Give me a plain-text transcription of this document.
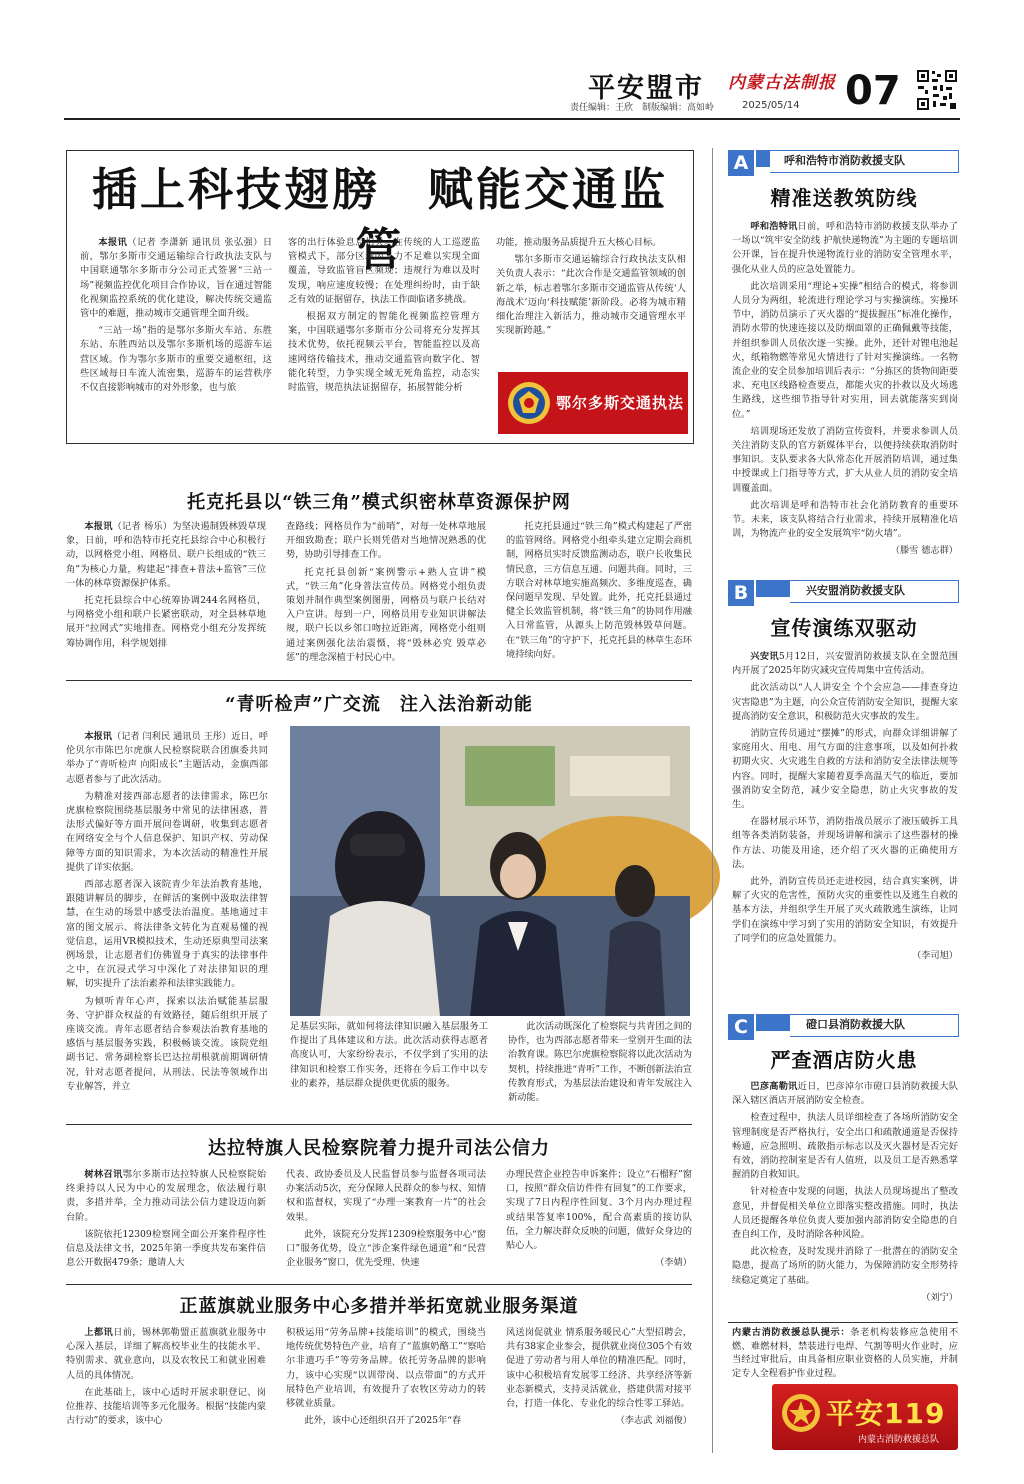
平安盟市 内蒙古法制报
责任编辑：王欣　制版编辑：高如岭	2025/05/14 07
插上科技翅膀　赋能交通监管

本报讯（记者 李潇新 通讯员 张弘强）日前，鄂尔多斯市交通运输综合行政执法支队与中国联通鄂尔多斯市分公司正式签署“三站一场”视频监控优化项目合作协议，旨在通过智能化视频监控系统的优化建设，解决传统交通监管中的难题，推动城市交通管理全面升级。

“三站一场”指的是鄂尔多斯火车站、东胜东站、东胜西站以及鄂尔多斯机场的巡游车运营区域。作为鄂尔多斯市的重要交通枢纽，这些区域每日车流人流密集，巡游车的运营秩序不仅直接影响城市的对外形象，也与旅

客的出行体验息息相关。在传统的人工巡逻监管模式下，部分区域因人力不足难以实现全面覆盖，导致监管盲区频现；违规行为难以及时发现，响应速度较慢；在处理纠纷时，由于缺乏有效的证据留存，执法工作面临诸多挑战。

根据双方制定的智能化视频监控管理方案，中国联通鄂尔多斯市分公司将充分发挥其技术优势，依托视频云平台，智能监控以及高速网络传输技术，推动交通监管向数字化、智能化转型，力争实现全域无死角监控，动态实时监管，规范执法证据留存，拓展智能分析

功能，推动服务品质提升五大核心目标。

鄂尔多斯市交通运输综合行政执法支队相关负责人表示：“此次合作是交通监管领域的创新之举，标志着鄂尔多斯市交通监管从传统‘人海战术’迈向‘科技赋能’新阶段。必将为城市精细化治理注入新活力，推动城市交通管理水平实现新跨越。”

鄂尔多斯交通执法
托克托县以“铁三角”模式织密林草资源保护网

本报讯（记者 杨乐）为坚决遏制毁林毁草现象，日前，呼和浩特市托克托县综合中心积极行动，以网格党小组、网格员、联户长组成的“铁三角”为核心力量，构建起“排查+普法+监管”三位一体的林草资源保护体系。

托克托县综合中心统筹协调244名网格员，与网格党小组和联户长紧密联动，对全县林草地展开“拉网式”实地排查。网格党小组充分发挥统筹协调作用，科学规划排

查路线；网格员作为“前哨”，对每一处林草地展开细致勘查；联户长则凭借对当地情况熟悉的优势，协助引导排查工作。

托克托县创新“案例警示+熟人宣讲”模式，“铁三角”化身普法宣传员。网格党小组负责策划并制作典型案例图册，网格员与联户长结对入户宣讲。每到一户，网格员用专业知识讲解法规，联户长以乡邻口吻拉近距离，网格党小组则通过案例强化法治震慑，将“毁林必究 毁草必惩”的理念深植于村民心中。

托克托县通过“铁三角”模式构建起了严密的监管网络。网格党小组牵头建立定期会商机制，网格员实时反馈监测动态，联户长收集民情民意，三方信息互通、问题共商。同时，三方联合对林草地实施高频次、多维度巡查，确保问题早发现、早处置。此外，托克托县通过健全长效监管机制，将“铁三角”的协同作用融入日常监管，从源头上防范毁林毁草问题。在“铁三角”的守护下，托克托县的林草生态环境持续向好。

“青听检声”广交流　注入法治新动能

本报讯（记者 闫利民 通讯员 王彤）近日，呼伦贝尔市陈巴尔虎旗人民检察院联合团旗委共同举办了“青听检声 向阳成长”主题活动，金旗西部志愿者参与了此次活动。

为精准对接西部志愿者的法律需求，陈巴尔虎旗检察院围绕基层服务中常见的法律困惑，普法形式偏好等方面开展问卷调研，收集到志愿者在网络安全与个人信息保护、知识产权、劳动保障等方面的知识需求，为本次活动的精准性开展提供了详实依据。

西部志愿者深入该院青少年法治教育基地，跟随讲解员的脚步，在鲜活的案例中汲取法律智慧，在生动的场景中感受法治温度。基地通过丰富的图文展示、将法律条文转化为直观易懂的视觉信息，运用VR模拟技术，生动还原典型司法案例场景，让志愿者们仿佛置身于真实的法律事件之中，在沉浸式学习中深化了对法律知识的理解，切实提升了法治素养和法律实践能力。

为倾听青年心声，探索以法治赋能基层服务、守护群众权益的有效路径，随后组织开展了座谈交流。青年志愿者结合参观法治教育基地的感悟与基层服务实践，积极畅谈交流。该院党组副书记、常务副检察长巴达拉胡根就前期调研情况，针对志愿者提问，从刑法、民法等领域作出专业解答，并立

足基层实际，就如何将法律知识融入基层服务工作提出了具体建议和方法。此次活动获得志愿者高度认可，大家纷纷表示，不仅学到了实用的法律知识和检察工作实务，还将在今后工作中以专业的素养，基层群众提供更优质的服务。

此次活动既深化了检察院与共青团之间的协作，也为西部志愿者带来一堂别开生面的法治教育课。陈巴尔虎旗检察院将以此次活动为契机，持续推进“青听”工作，不断创新法治宣传教育形式，为基层法治建设和青年发展注入新动能。

达拉特旗人民检察院着力提升司法公信力

树林召讯鄂尔多斯市达拉特旗人民检察院始终秉持以人民为中心的发展理念，依法履行职责，多措并举，全力推动司法公信力建设迈向新台阶。

该院依托12309检察网全面公开案件程序性信息及法律文书，2025年第一季度共发布案件信息公开数据479条；邀请人大

代表、政协委员及人民监督员参与监督各项司法办案活动5次，充分保障人民群众的参与权、知情权和监督权，实现了“办理一案教育一片”的社会效果。

此外，该院充分发挥12309检察服务中心“窗口”服务优势，设立“涉企案件绿色通道”和“民营企业服务”窗口，优先受理、快速

办理民营企业控告申诉案件；设立“石榴籽”窗口，按照“群众信访件件有回复”的工作要求，实现了7日内程序性回复、3个月内办理过程或结果答复率100%，配合高素质的接访队伍，全力解决群众反映的问题，做好众身边的贴心人。

（李婧）
正蓝旗就业服务中心多措并举拓宽就业服务渠道

上都讯日前，锡林郭勒盟正蓝旗就业服务中心深入基层，详细了解高校毕业生的技能水平、特别需求、就业意向，以及农牧民工和就业困难人员的具体情况。

在此基础上，该中心适时开展求职登记、岗位推荐、技能培训等多元化服务。根据“技能内蒙古行动”的要求，该中心

积极运用“劳务品牌+技能培训”的模式，围绕当地传统优势特色产业，培育了“蓝旗奶酪工”“察哈尔非遗巧手”等劳务品牌。依托劳务品牌的影响力，该中心实现“以训带岗、以点带面”的方式开展特色产业培训，有效提升了农牧区劳动力的转移就业质量。

此外，该中心还组织召开了2025年“春

风送岗促就业 情系服务暖民心”大型招聘会，共有38家企业参会，提供就业岗位305个有效促进了劳动者与用人单位的精准匹配。同时，该中心积极培育发展零工经济、共享经济等新业态新模式，支持灵活就业，搭建供需对接平台，打造一体化、专业化的综合性零工驿站。

（李志武 刘福俊）
A	呼和浩特市消防救援支队
精准送教筑防线

呼和浩特讯日前，呼和浩特市消防救援支队举办了一场以“筑牢安全防线 护航快递物流”为主题的专题培训公开课，旨在提升快递物流行业的消防安全管理水平，强化从业人员的应急处置能力。

此次培训采用“理论+实操”相结合的模式，将参训人员分为两组，轮流进行理论学习与实操演练。实操环节中，消防员演示了灭火器的“提拔握压”标准化操作，消防水带的快速连接以及防烟面罩的正确佩戴等技能，并组织参训人员依次逐一实操。此外，还针对锂电池起火，纸箱物燃等常见火情进行了针对实操演练。一名物流企业的安全员参加培训后表示：“分拣区的货物间距要求、充电区线路检查要点，都能火灾的扑救以及火场逃生路线，这些细节指导针对实用，回去就能落实到岗位。”

培训现场还发放了消防宣传资料，并要求参训人员关注消防支队的官方新媒体平台，以便持续获取消防时事知识。支队要求各大队常态化开展消防培训，通过集中授课或上门指导等方式，扩大从业人员的消防安全培训覆盖面。

此次培训是呼和浩特市社会化消防教育的重要环节。未来，该支队将结合行业需求，持续开展精准化培训，为物流产业的安全发展筑牢“防火墙”。

（滕雪 德志群）
B	兴安盟消防救援支队
宣传演练双驱动

兴安讯5月12日，兴安盟消防救援支队在全盟范围内开展了2025年防灾减灾宣传周集中宣传活动。

此次活动以“人人讲安全 个个会应急——排查身边灾害隐患”为主题，向公众宣传消防安全知识，提醒大家提高消防安全意识，积极防范火灾事故的发生。

消防宣传员通过“摆摊”的形式，向群众详细讲解了家庭用火、用电、用气方面的注意事项，以及如何扑救初期火灾、火灾逃生自救的方法和消防安全法律法规等内容。同时，提醒大家随着夏季高温天气的临近，要加强消防安全防范，减少安全隐患，防止火灾事故的发生。

在器材展示环节，消防指战员展示了液压破拆工具组等各类消防装备，并现场讲解和演示了这些器材的操作方法、功能及用途，还介绍了灭火器的正确使用方法。

此外，消防宣传员还走进校园，结合真实案例，讲解了火灾的危害性，预防火灾的重要性以及逃生自救的基本方法，并组织学生开展了灭火疏散逃生演练，让同学们在演练中学习到了实用的消防安全知识，有效提升了同学们的应急处置能力。

（李司旭）
C	磴口县消防救援大队
严查酒店防火患

巴彦高勒讯近日，巴彦淖尔市磴口县消防救援大队深入辖区酒店开展消防安全检查。

检查过程中，执法人员详细检查了各场所消防安全管理制度是否严格执行，安全出口和疏散通道是否保持畅通，应急照明、疏散指示标志以及灭火器材是否完好有效，消防控制室是否有人值班，以及员工是否熟悉掌握消防自救知识。

针对检查中发现的问题，执法人员现场提出了整改意见，并督促相关单位立即落实整改措施。同时，执法人员还提醒各单位负责人要加强内部消防安全隐患的自查自纠工作，及时消除各种风险。

此次检查，及时发现并消除了一批潜在的消防安全隐患，提高了场所的防火能力，为保障消防安全形势持续稳定奠定了基础。

（刘宁）
内蒙古消防救援总队提示：条老机构装修应急使用不燃、难燃材料，禁装进行电焊、气割等明火作业时，应当经过审批后，由具备相应职业资格的人员实施，并制定专人全程看护作业过程。
平安119
内蒙古消防救援总队
